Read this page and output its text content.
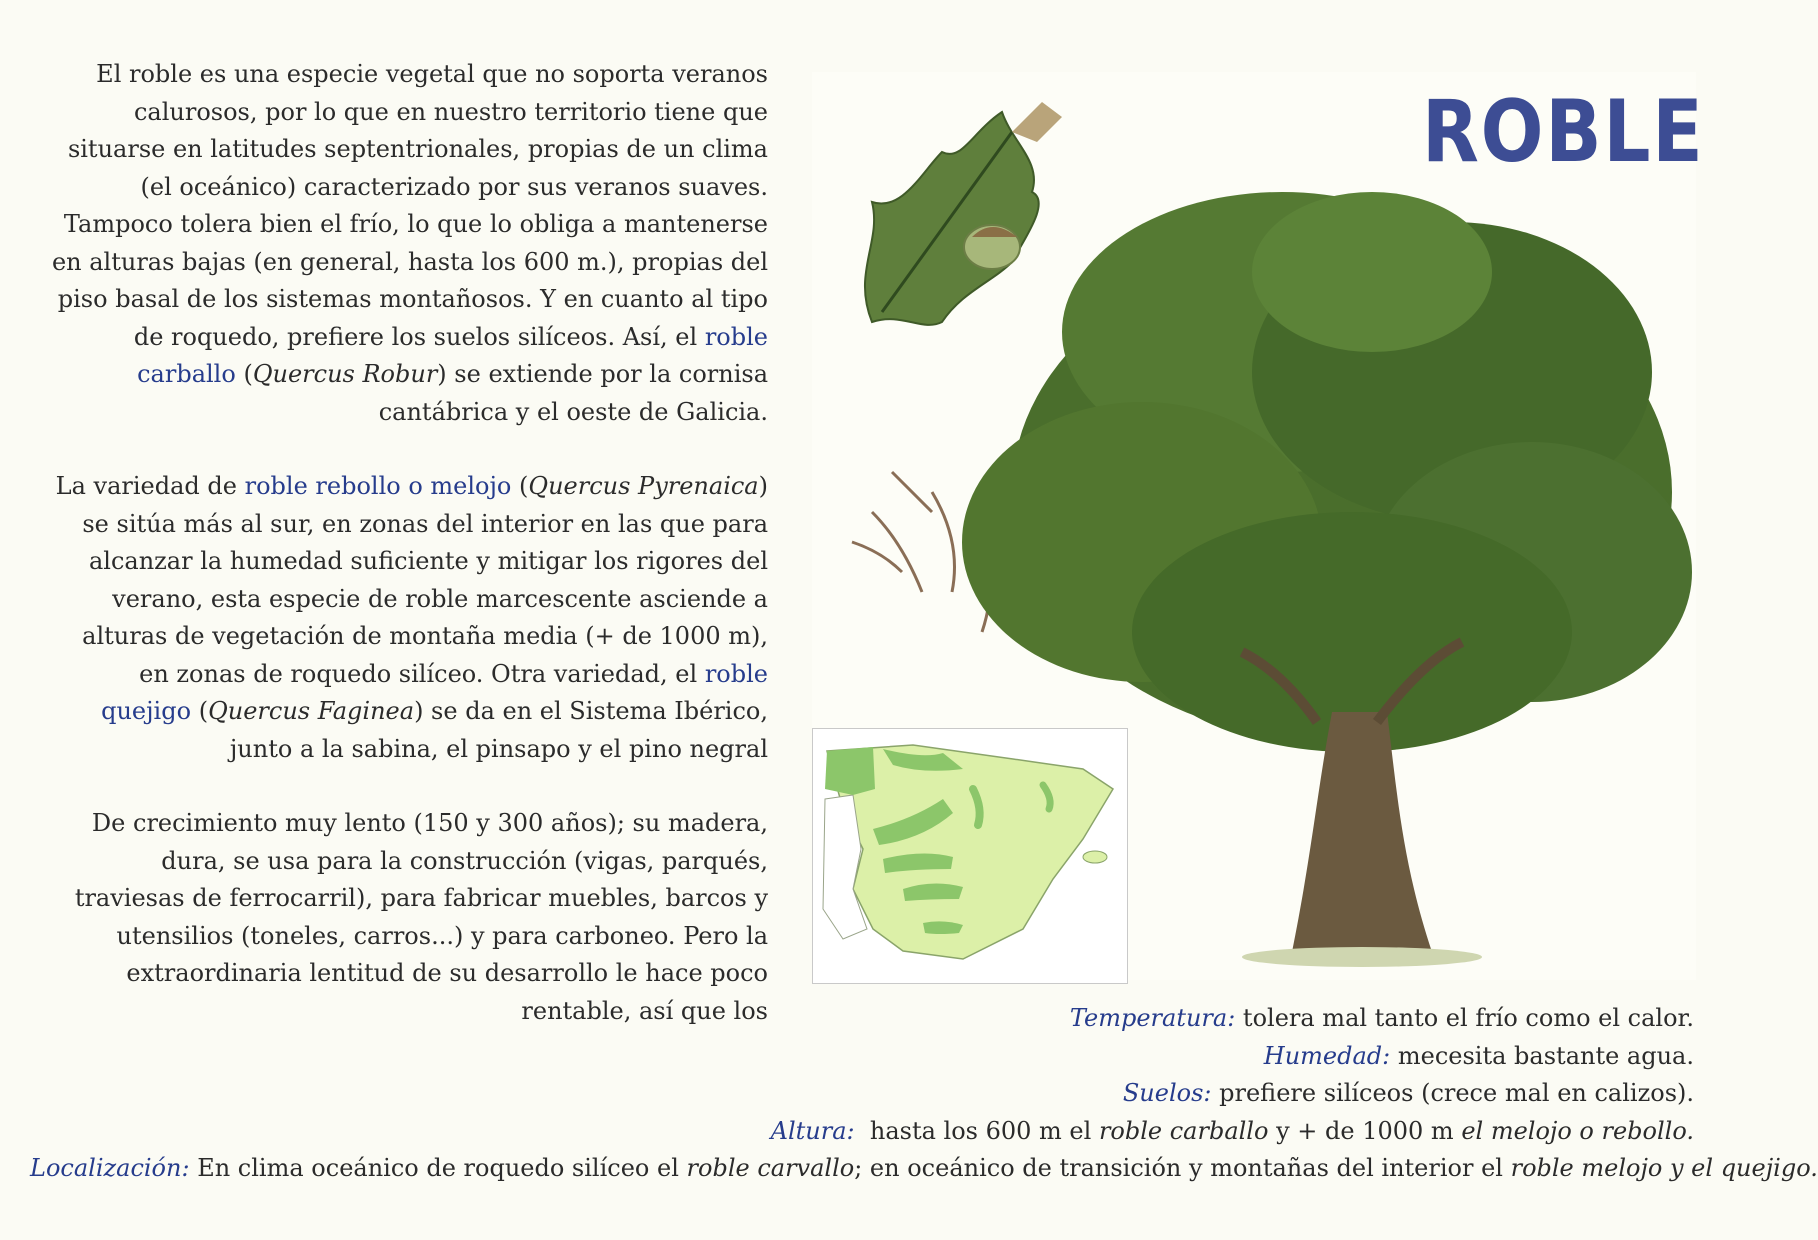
El roble es una especie vegetal que no soporta veranos calurosos, por lo que en nuestro territorio tiene que situarse en latitudes septentrionales, propias de un clima (el oceánico) caracterizado por sus veranos suaves. Tampoco tolera bien el frío, lo que lo obliga a mantenerse en alturas bajas (en general, hasta los 600 m.), propias del piso basal de los sistemas montañosos. Y en cuanto al tipo de roquedo, prefiere los suelos silíceos. Así, el roble carballo (Quercus Robur) se extiende por la cornisa cantábrica y el oeste de Galicia.

La variedad de roble rebollo o melojo (Quercus Pyrenaica) se sitúa más al sur, en zonas del interior en las que para alcanzar la humedad suficiente y mitigar los rigores del verano, esta especie de roble marcescente asciende a alturas de vegetación de montaña media (+ de 1000 m), en zonas de roquedo silíceo. Otra variedad, el roble quejigo (Quercus Faginea) se da en el Sistema Ibérico, junto a la sabina, el pinsapo y el pino negral

De crecimiento muy lento (150 y 300 años); su madera, dura, se usa para la construcción (vigas, parqués, traviesas de ferrocarril), para fabricar muebles, barcos y utensilios (toneles, carros...) y para carboneo. Pero la extraordinaria lentitud de su desarrollo le hace poco rentable, así que los

ROBLE
Temperatura: tolera mal tanto el frío como el calor.
Humedad: mecesita bastante agua.
Suelos: prefiere silíceos (crece mal en calizos).
Altura: hasta los 600 m el roble carballo y + de 1000 m el melojo o rebollo.
Localización: En clima oceánico de roquedo silíceo el roble carvallo; en oceánico de transición y montañas del interior el roble melojo y el quejigo.
